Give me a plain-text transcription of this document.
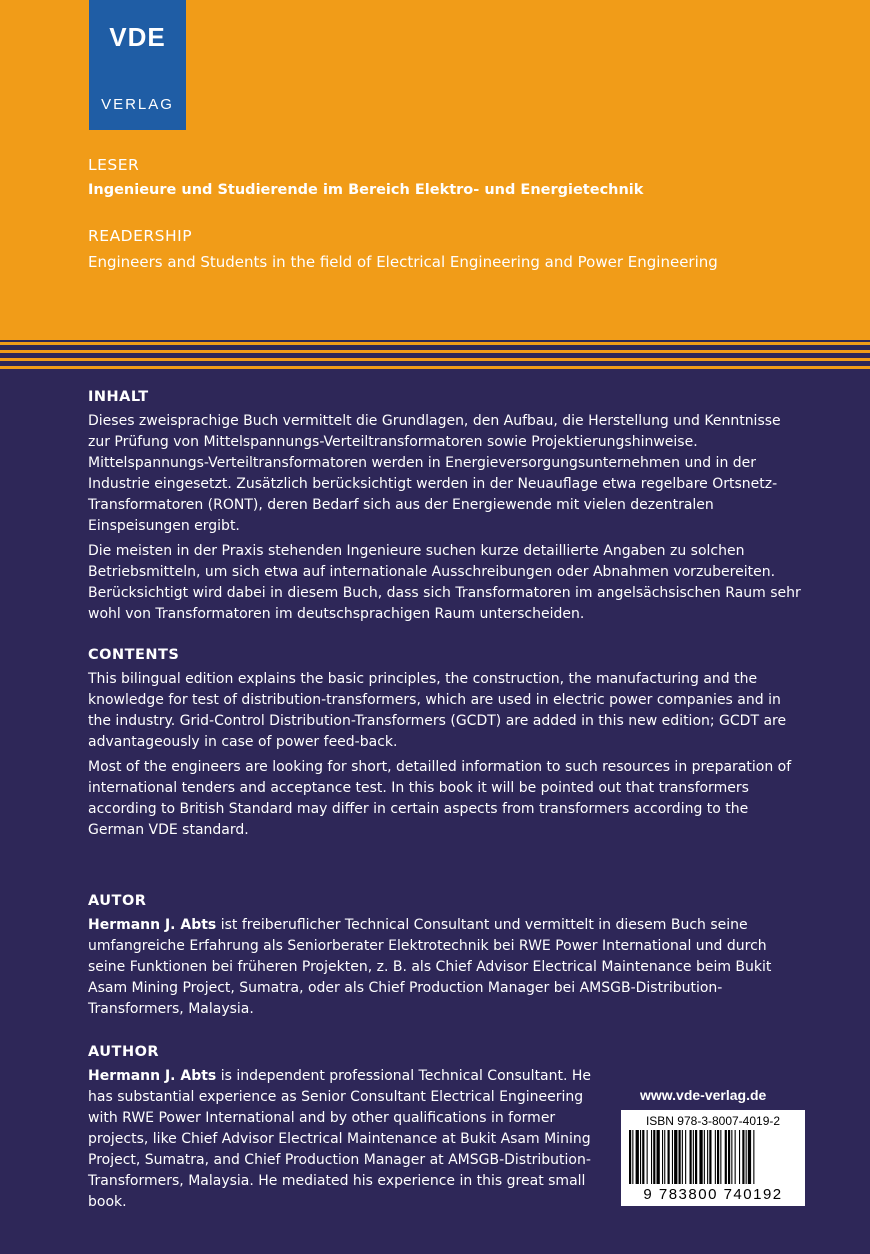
VDE
VERLAG
LESER
Ingenieure und Studierende im Bereich Elektro- und Energietechnik
READERSHIP
Engineers and Students in the field of Electrical Engineering and Power Engineering
INHALT

Dieses zweisprachige Buch vermittelt die Grundlagen, den Aufbau, die Herstellung und Kenntnisse zur Prüfung von Mittelspannungs-Verteiltransformatoren sowie Projektierungshinweise. Mittelspannungs-Verteiltransformatoren werden in Energieversorgungsunternehmen und in der Industrie eingesetzt. Zusätzlich berücksichtigt werden in der Neuauflage etwa regelbare Ortsnetz-Transformatoren (RONT), deren Bedarf sich aus der Energiewende mit vielen dezentralen Einspeisungen ergibt.

Die meisten in der Praxis stehenden Ingenieure suchen kurze detaillierte Angaben zu solchen Betriebsmitteln, um sich etwa auf internationale Ausschreibungen oder Abnahmen vorzubereiten. Berücksichtigt wird dabei in diesem Buch, dass sich Transformatoren im angelsächsischen Raum sehr wohl von Transformatoren im deutschsprachigen Raum unterscheiden.

CONTENTS

This bilingual edition explains the basic principles, the construction, the manufacturing and the knowledge for test of distribution-transformers, which are used in electric power companies and in the industry. Grid-Control Distribution-Transformers (GCDT) are added in this new edition; GCDT are advantageously in case of power feed-back.

Most of the engineers are looking for short, detailled information to such resources in preparation of international tenders and acceptance test. In this book it will be pointed out that transformers according to British Standard may differ in certain aspects from transformers according to the German VDE standard.

AUTOR

Hermann J. Abts ist freiberuflicher Technical Consultant und vermittelt in diesem Buch seine umfangreiche Erfahrung als Seniorberater Elektrotechnik bei RWE Power International und durch seine Funktionen bei früheren Projekten, z. B. als Chief Advisor Electrical Maintenance beim Bukit Asam Mining Project, Sumatra, oder als Chief Production Manager bei AMSGB-Distribution-Transformers, Malaysia.

AUTHOR

Hermann J. Abts is independent professional Technical Consultant. He has substantial experience as Senior Consultant Electrical Engineering with RWE Power International and by other qualifications in former projects, like Chief Advisor Electrical Maintenance at Bukit Asam Mining Project, Sumatra, and Chief Production Manager at AMSGB-Distribution-Transformers, Malaysia. He mediated his experience in this great small book.

www.vde-verlag.de
ISBN 978-3-8007-4019-2
9 783800 740192
